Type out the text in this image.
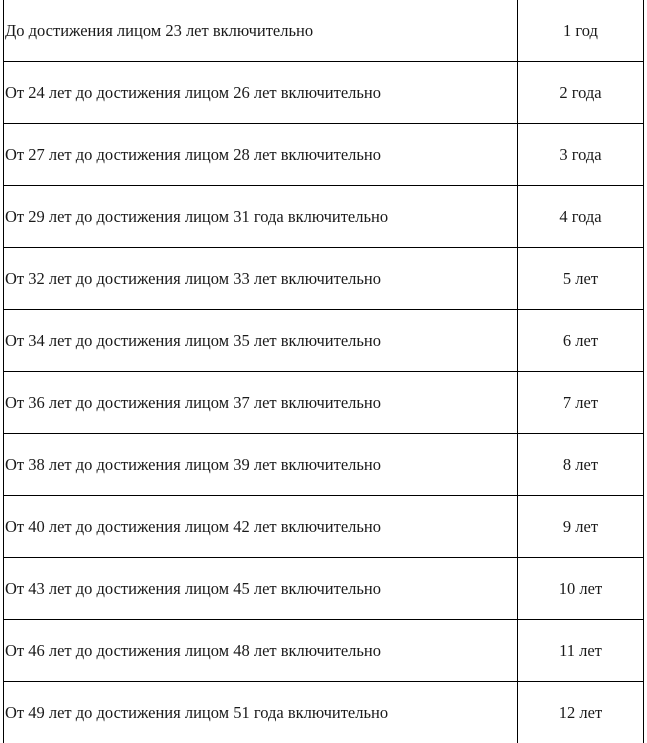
До достижения лицом 23 лет включительно	1 год
От 24 лет до достижения лицом 26 лет включительно	2 года
От 27 лет до достижения лицом 28 лет включительно	3 года
От 29 лет до достижения лицом 31 года включительно	4 года
От 32 лет до достижения лицом 33 лет включительно	5 лет
От 34 лет до достижения лицом 35 лет включительно	6 лет
От 36 лет до достижения лицом 37 лет включительно	7 лет
От 38 лет до достижения лицом 39 лет включительно	8 лет
От 40 лет до достижения лицом 42 лет включительно	9 лет
От 43 лет до достижения лицом 45 лет включительно	10 лет
От 46 лет до достижения лицом 48 лет включительно	11 лет
От 49 лет до достижения лицом 51 года включительно	12 лет
